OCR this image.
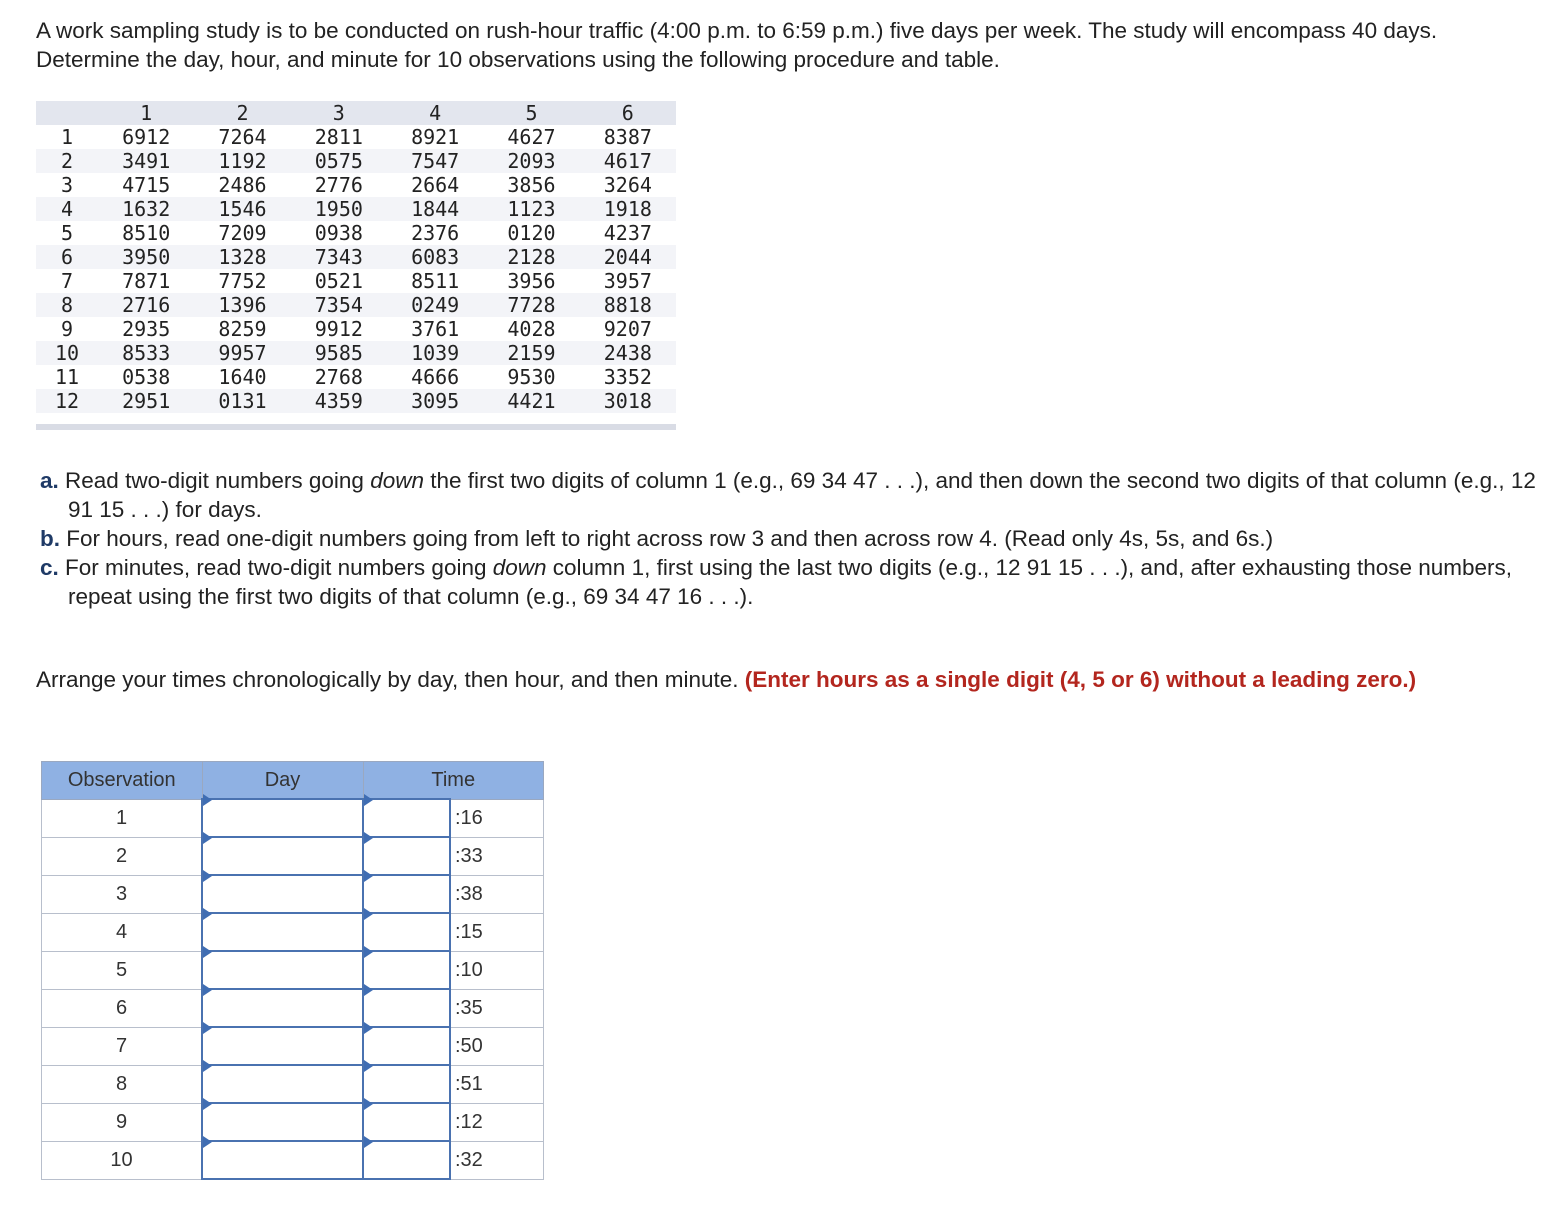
A work sampling study is to be conducted on rush-hour traffic (4:00 p.m. to 6:59 p.m.) five days per week. The study will encompass 40 days. Determine the day, hour, and minute for 10 observations using the following procedure and table.

	1	2	3	4	5	6
1	6912	7264	2811	8921	4627	8387
2	3491	1192	0575	7547	2093	4617
3	4715	2486	2776	2664	3856	3264
4	1632	1546	1950	1844	1123	1918
5	8510	7209	0938	2376	0120	4237
6	3950	1328	7343	6083	2128	2044
7	7871	7752	0521	8511	3956	3957
8	2716	1396	7354	0249	7728	8818
9	2935	8259	9912	3761	4028	9207
10	8533	9957	9585	1039	2159	2438
11	0538	1640	2768	4666	9530	3352
12	2951	0131	4359	3095	4421	3018
a. Read two-digit numbers going down the first two digits of column 1 (e.g., 69 34 47 . . .), and then down the second two digits of that column (e.g., 12 91 15 . . .) for days.
b. For hours, read one-digit numbers going from left to right across row 3 and then across row 4. (Read only 4s, 5s, and 6s.)
c. For minutes, read two-digit numbers going down column 1, first using the last two digits (e.g., 12 91 15 . . .), and, after exhausting those numbers, repeat using the first two digits of that column (e.g., 69 34 47 16 . . .).

Arrange your times chronologically by day, then hour, and then minute. (Enter hours as a single digit (4, 5 or 6) without a leading zero.)

Observation	Day	Time	
1			:16
2			:33
3			:38
4			:15
5			:10
6			:35
7			:50
8			:51
9			:12
10			:32
